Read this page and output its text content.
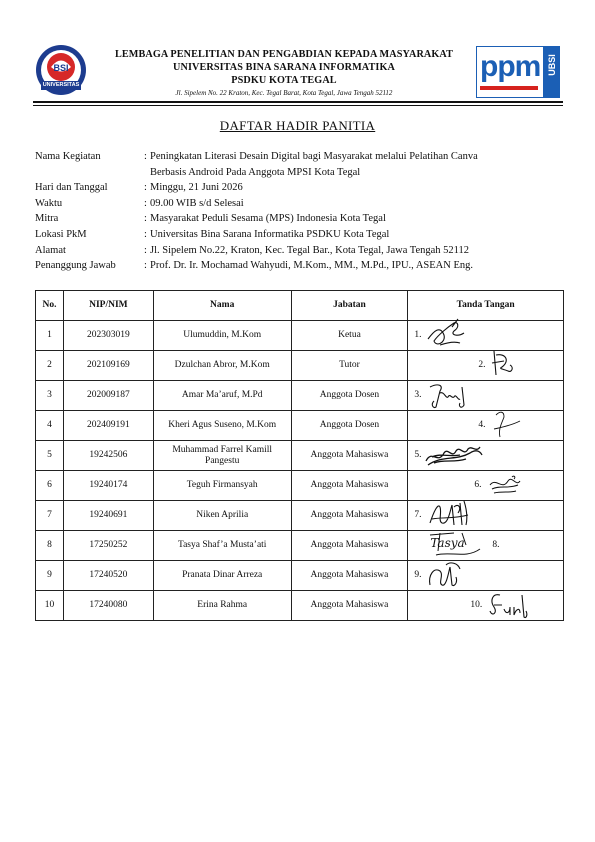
BSI
UNIVERSITAS
LEMBAGA PENELITIAN DAN PENGABDIAN KEPADA MASYARAKAT
UNIVERSITAS BINA SARANA INFORMATIKA
PSDKU KOTA TEGAL
Jl. Sipelem No. 22 Kraton, Kec. Tegal Barat, Kota Tegal, Jawa Tengah 52112
ppm UBSI
DAFTAR HADIR PANITIA
Nama Kegiatan	: Peningkatan Literasi Desain Digital bagi Masyarakat melalui Pelatihan Canva
Berbasis Android Pada Anggota MPSI Kota Tegal
Hari dan Tanggal	: Minggu, 21 Juni 2026
Waktu	: 09.00 WIB s/d Selesai
Mitra	: Masyarakat Peduli Sesama (MPS) Indonesia Kota Tegal
Lokasi PkM	: Universitas Bina Sarana Informatika PSDKU Kota Tegal
Alamat	: Jl. Sipelem No.22, Kraton, Kec. Tegal Bar., Kota Tegal, Jawa Tengah 52112
Penanggung Jawab	: Prof. Dr. Ir. Mochamad Wahyudi, M.Kom., MM., M.Pd., IPU., ASEAN Eng.
No.	NIP/NIM	Nama	Jabatan	Tanda Tangan
1	202303019	Ulumuddin, M.Kom	Ketua	1.

2	202109169	Dzulchan Abror, M.Kom	Tutor	2.

3	202009187	Amar Ma’aruf, M.Pd	Anggota Dosen	3.

4	202409191	Kheri Agus Suseno, M.Kom	Anggota Dosen	4.

5	19242506	Muhammad Farrel Kamill Pangestu	Anggota Mahasiswa	5.

6	19240174	Teguh Firmansyah	Anggota Mahasiswa	6.

7	19240691	Niken Aprilia	Anggota Mahasiswa	7.

8	17250252	Tasya Shaf’a Musta’ati	Anggota Mahasiswa	Tasya 8.

9	17240520	Pranata Dinar Arreza	Anggota Mahasiswa	9.

10	17240080	Erina Rahma	Anggota Mahasiswa	10.
